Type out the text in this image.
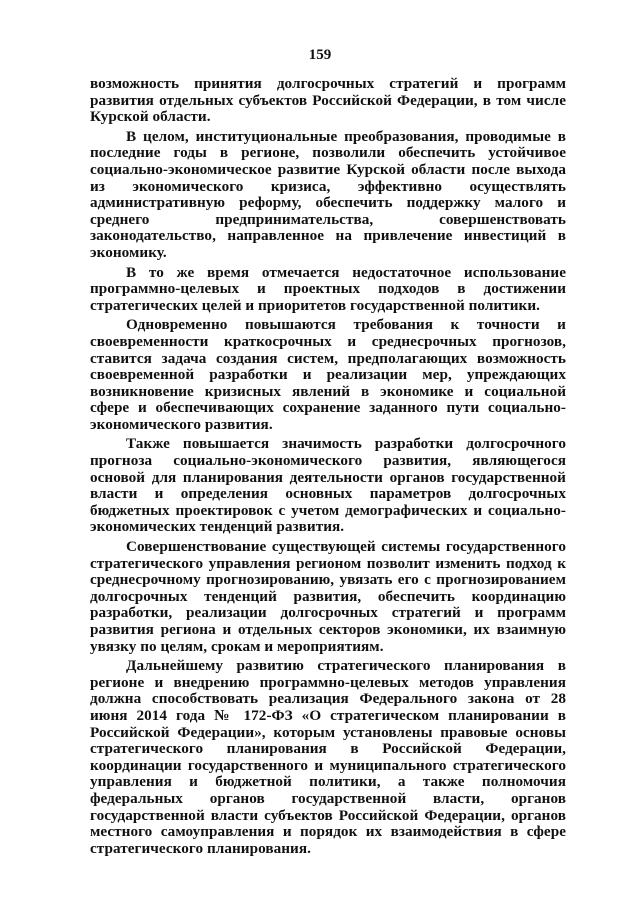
159

возможность принятия долгосрочных стратегий и программ развития отдельных субъектов Российской Федерации, в том числе Курской области.

В целом, институциональные преобразования, проводимые в последние годы в регионе, позволили обеспечить устойчивое социально-экономическое развитие Курской области после выхода из экономического кризиса, эффективно осуществлять административную реформу, обеспечить поддержку малого и среднего предпринимательства, совершенствовать законодательство, направленное на привлечение инвестиций в экономику.

В то же время отмечается недостаточное использование программно-целевых и проектных подходов в достижении стратегических целей и приоритетов государственной политики.

Одновременно повышаются требования к точности и своевременности краткосрочных и среднесрочных прогнозов, ставится задача создания систем, предполагающих возможность своевременной разработки и реализации мер, упреждающих возникновение кризисных явлений в экономике и социальной сфере и обеспечивающих сохранение заданного пути социально-экономического развития.

Также повышается значимость разработки долгосрочного прогноза социально-экономического развития, являющегося основой для планирования деятельности органов государственной власти и определения основных параметров долгосрочных бюджетных проектировок с учетом демографических и социально-экономических тенденций развития.

Совершенствование существующей системы государственного стратегического управления регионом позволит изменить подход к среднесрочному прогнозированию, увязать его с прогнозированием долгосрочных тенденций развития, обеспечить координацию разработки, реализации долгосрочных стратегий и программ развития региона и отдельных секторов экономики, их взаимную увязку по целям, срокам и мероприятиям.

Дальнейшему развитию стратегического планирования в регионе и внедрению программно-целевых методов управления должна способствовать реализация Федерального закона от 28 июня 2014 года № 172-ФЗ «О стратегическом планировании в Российской Федерации», которым установлены правовые основы стратегического планирования в Российской Федерации, координации государственного и муниципального стратегического управления и бюджетной политики, а также полномочия федеральных органов государственной власти, органов государственной власти субъектов Российской Федерации, органов местного самоуправления и порядок их взаимодействия в сфере стратегического планирования.
